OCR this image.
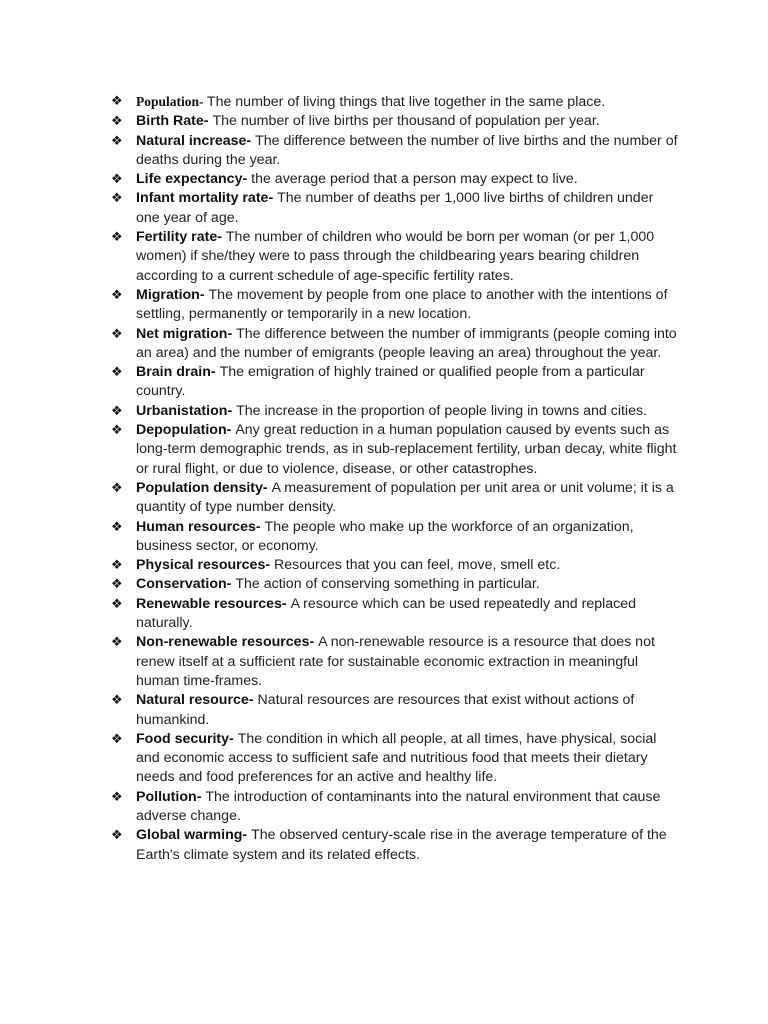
❖ Population- The number of living things that live together in the same place.
❖ Birth Rate- The number of live births per thousand of population per year.
❖ Natural increase- The difference between the number of live births and the number of deaths during the year.
❖ Life expectancy- the average period that a person may expect to live.
❖ Infant mortality rate- The number of deaths per 1,000 live births of children under one year of age.
❖ Fertility rate- The number of children who would be born per woman (or per 1,000 women) if she/they were to pass through the childbearing years bearing children according to a current schedule of age-specific fertility rates.
❖ Migration- The movement by people from one place to another with the intentions of settling, permanently or temporarily in a new location.
❖ Net migration- The difference between the number of immigrants (people coming into an area) and the number of emigrants (people leaving an area) throughout the year.
❖ Brain drain- The emigration of highly trained or qualified people from a particular country.
❖ Urbanistation- The increase in the proportion of people living in towns and cities.
❖ Depopulation- Any great reduction in a human population caused by events such as long-term demographic trends, as in sub-replacement fertility, urban decay, white flight or rural flight, or due to violence, disease, or other catastrophes.
❖ Population density- A measurement of population per unit area or unit volume; it is a quantity of type number density.
❖ Human resources- The people who make up the workforce of an organization, business sector, or economy.
❖ Physical resources- Resources that you can feel, move, smell etc.
❖ Conservation- The action of conserving something in particular.
❖ Renewable resources- A resource which can be used repeatedly and replaced naturally.
❖ Non-renewable resources- A non-renewable resource is a resource that does not renew itself at a sufficient rate for sustainable economic extraction in meaningful human time-frames.
❖ Natural resource- Natural resources are resources that exist without actions of humankind.
❖ Food security- The condition in which all people, at all times, have physical, social and economic access to sufficient safe and nutritious food that meets their dietary needs and food preferences for an active and healthy life.
❖ Pollution- The introduction of contaminants into the natural environment that cause adverse change.
❖ Global warming- The observed century-scale rise in the average temperature of the Earth's climate system and its related effects.
